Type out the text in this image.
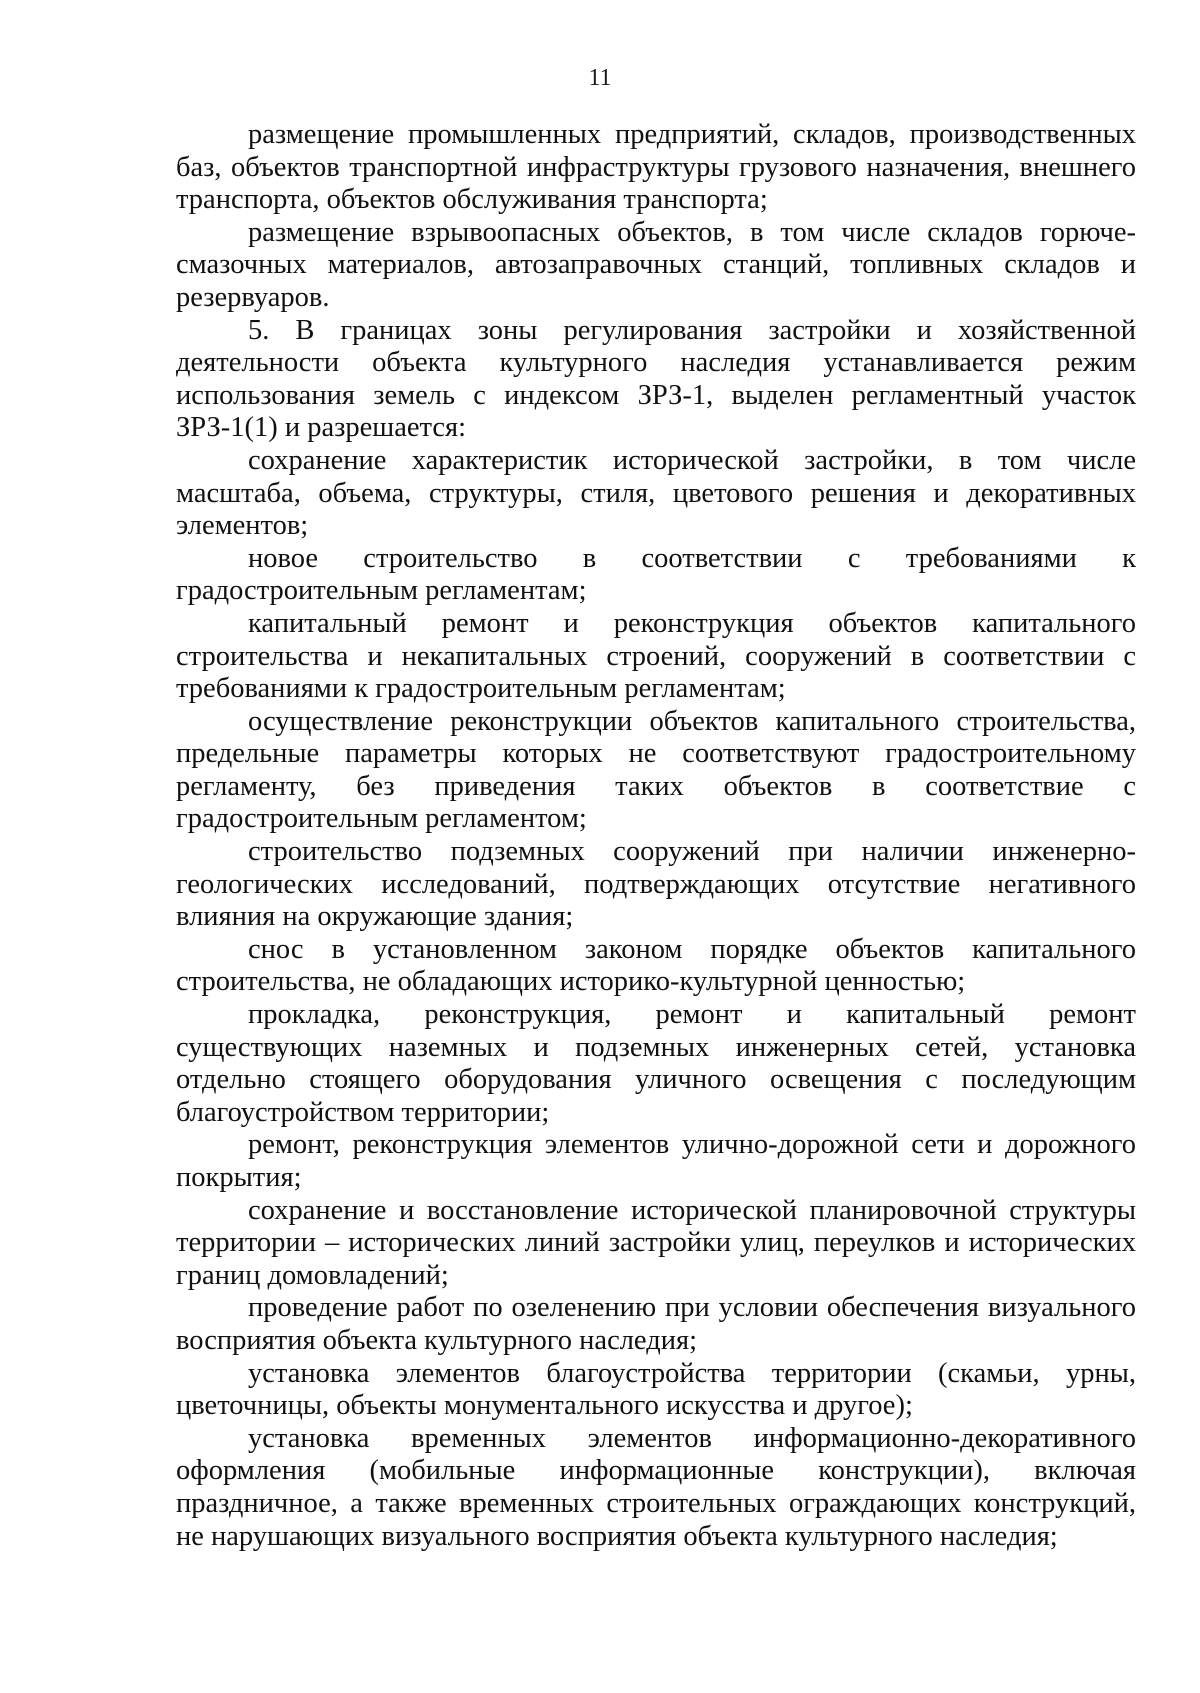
11

размещение промышленных предприятий, складов, производственных баз, объектов транспортной инфраструктуры грузового назначения, внешнего транспорта, объектов обслуживания транспорта;

размещение взрывоопасных объектов, в том числе складов горюче-смазочных материалов, автозаправочных станций, топливных складов и резервуаров.

5. В границах зоны регулирования застройки и хозяйственной деятельности объекта культурного наследия устанавливается режим использования земель с индексом ЗРЗ-1, выделен регламентный участок ЗРЗ-1(1) и разрешается:

сохранение характеристик исторической застройки, в том числе масштаба, объема, структуры, стиля, цветового решения и декоративных элементов;

новое строительство в соответствии с требованиями к градостроительным регламентам;

капитальный ремонт и реконструкция объектов капитального строительства и некапитальных строений, сооружений в соответствии с требованиями к градостроительным регламентам;

осуществление реконструкции объектов капитального строительства, предельные параметры которых не соответствуют градостроительному регламенту, без приведения таких объектов в соответствие с градостроительным регламентом;

строительство подземных сооружений при наличии инженерно-геологических исследований, подтверждающих отсутствие негативного влияния на окружающие здания;

снос в установленном законом порядке объектов капитального строительства, не обладающих историко-культурной ценностью;

прокладка, реконструкция, ремонт и капитальный ремонт существующих наземных и подземных инженерных сетей, установка отдельно стоящего оборудования уличного освещения с последующим благоустройством территории;

ремонт, реконструкция элементов улично-дорожной сети и дорожного покрытия;

сохранение и восстановление исторической планировочной структуры территории – исторических линий застройки улиц, переулков и исторических границ домовладений;

проведение работ по озеленению при условии обеспечения визуального восприятия объекта культурного наследия;

установка элементов благоустройства территории (скамьи, урны, цветочницы, объекты монументального искусства и другое);

установка временных элементов информационно-декоративного оформления (мобильные информационные конструкции), включая праздничное, а также временных строительных ограждающих конструкций, не нарушающих визуального восприятия объекта культурного наследия;
